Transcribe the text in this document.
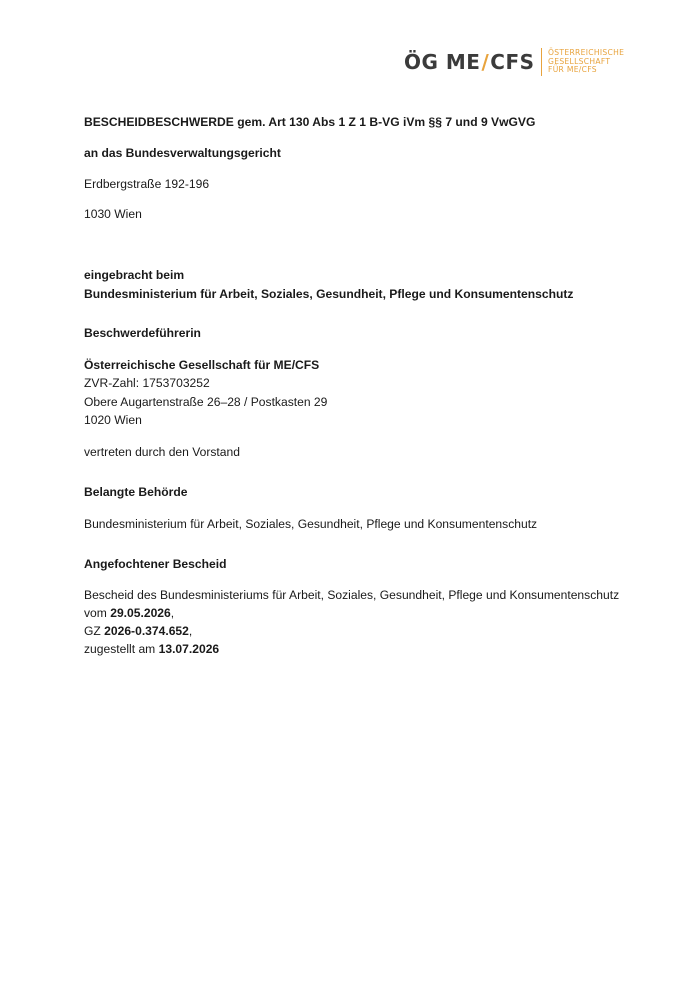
ÖG ME/CFS ÖSTERREICHISCHE
GESELLSCHAFT
FÜR ME/CFS
BESCHEIDBESCHWERDE gem. Art 130 Abs 1 Z 1 B-VG iVm §§ 7 und 9 VwGVG
an das Bundesverwaltungsgericht
Erdbergstraße 192-196
1030 Wien
eingebracht beim
Bundesministerium für Arbeit, Soziales, Gesundheit, Pflege und Konsumentenschutz
Beschwerdeführerin
Österreichische Gesellschaft für ME/CFS
ZVR-Zahl: 1753703252
Obere Augartenstraße 26–28 / Postkasten 29
1020 Wien
vertreten durch den Vorstand
Belangte Behörde
Bundesministerium für Arbeit, Soziales, Gesundheit, Pflege und Konsumentenschutz
Angefochtener Bescheid
Bescheid des Bundesministeriums für Arbeit, Soziales, Gesundheit, Pflege und Konsumentenschutz
vom 29.05.2026,
GZ 2026-0.374.652,
zugestellt am 13.07.2026
